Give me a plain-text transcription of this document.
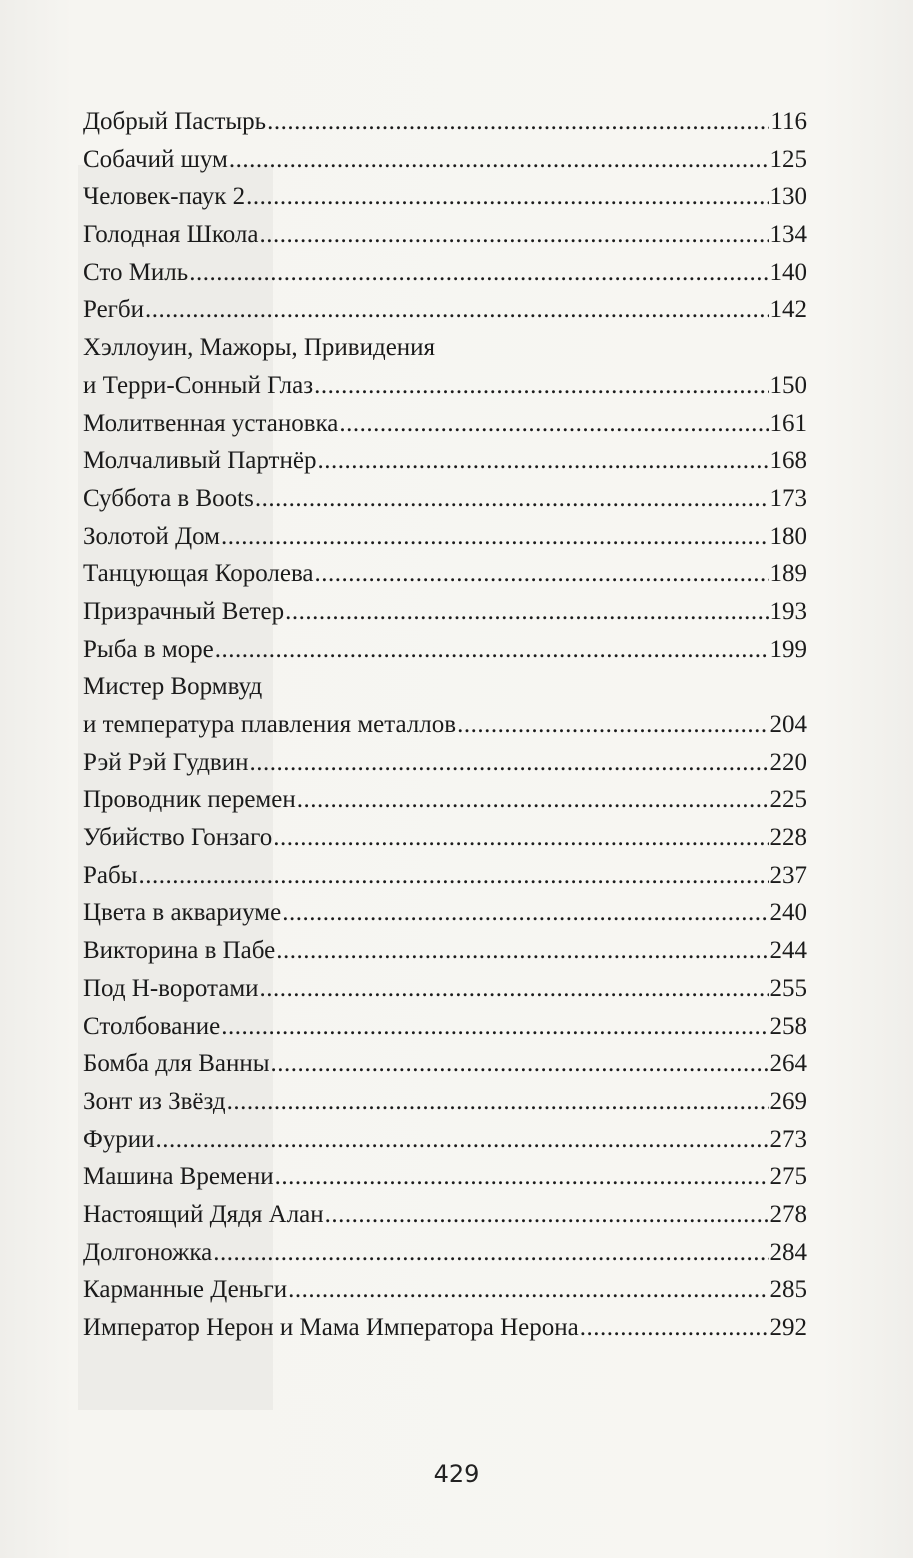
Добрый Пастырь .....	116
Собачий шум .....	125
Человек-паук 2 .....	130
Голодная Школа .....	134
Сто Миль .....	140
Регби .....	142
Хэллоуин, Мажоры, Привидения
и Терри-Сонный Глаз .....	150
Молитвенная установка .....	161
Молчаливый Партнёр .....	168
Суббота в Boots .....	173
Золотой Дом .....	180
Танцующая Королева .....	189
Призрачный Ветер .....	193
Рыба в море .....	199
Мистер Вормвуд
и температура плавления металлов .....	204
Рэй Рэй Гудвин .....	220
Проводник перемен .....	225
Убийство Гонзаго .....	228
Рабы .....	237
Цвета в аквариуме .....	240
Викторина в Пабе .....	244
Под Н-воротами .....	255
Столбование .....	258
Бомба для Ванны .....	264
Зонт из Звёзд .....	269
Фурии .....	273
Машина Времени .....	275
Настоящий Дядя Алан .....	278
Долгоножка .....	284
Карманные Деньги .....	285
Император Нерон и Мама Императора Нерона .....	292
429
